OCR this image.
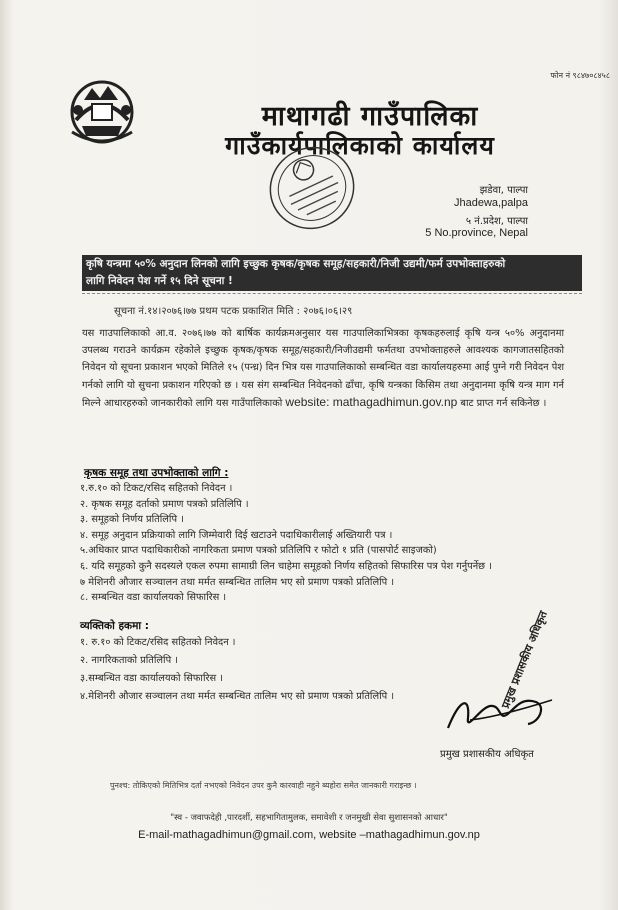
फोन नं ९८४७०८४५८
माथागढी गाउँपालिका
गाउँकार्यपालिकाको कार्यालय
झडेवा, पाल्पा
Jhadewa,palpa
५ नं.प्रदेश, पाल्पा
5 No.province, Nepal
कृषि यन्त्रमा ५०% अनुदान लिनको लागि इच्छुक कृषक/कृषक समूह/सहकारी/निजी उद्यमी/फर्म उपभोक्ताहरुको
लागि निवेदन पेश गर्ने १५ दिने सूचना !
सूचना नं.१४।२०७६।७७ प्रथम पटक प्रकाशित मिति : २०७६।०६।२९
यस गाउपालिकाको आ.व. २०७६।७७ को बार्षिक कार्यक्रमअनुसार यस गाउपालिकाभित्रका कृषकहरुलाई कृषि यन्त्र ५०% अनुदानमा उपलब्ध गराउने कार्यक्रम रहेकोले इच्छुक कृषक/कृषक समूह/सहकारी/निजीउद्यमी फर्मतथा उपभोक्ताहरुले आवश्यक कागजातसहितको निवेदन यो सूचना प्रकाशन भएको मितिले १५ (पन्ध्र) दिन भित्र यस गाउपालिकाको सम्बन्धित वडा कार्यालयहरुमा आई पुग्ने गरी निवेदन पेश गर्नको लागि यो सुचना प्रकाशन गरिएको छ । यस संग सम्बन्धित निवेदनको ढाँचा, कृषि यन्त्रका किसिम तथा अनुदानमा कृषि यन्त्र माग गर्न मिल्ने आधारहरुको जानकारीको लागि यस गाउँपालिकाको website: mathagadhimun.gov.np बाट प्राप्त गर्न सकिनेछ ।
कृषक समूह तथा उपभोक्ताको लागि :
१.रु.१० को टिकट/रसिद सहितको निवेदन ।
२. कृषक समूह दर्ताको प्रमाण पत्रको प्रतिलिपि ।
३. समूहको निर्णय प्रतिलिपि ।
४. समूह अनुदान प्रक्रियाको लागि जिम्मेवारी दिई खटाउने पदाधिकारीलाई अख्तियारी पत्र ।
५.अधिकार प्राप्त पदाधिकारीको नागरिकता प्रमाण पत्रको प्रतिलिपि र फोटो १ प्रति (पासपोर्ट साइजको)
६. यदि समूहको कुनै सदस्यले एकल रुपमा सामाग्री लिन चाहेमा समूहको निर्णय सहितको सिफारिस पत्र पेश गर्नुपर्नेछ ।
७ मेशिनरी औजार सञ्चालन तथा मर्मत सम्बन्धित तालिम भए सो प्रमाण पत्रको प्रतिलिपि ।
८. सम्बन्धित वडा कार्यालयको सिफारिस ।
व्यक्तिको हकमा :
१. रु.१० को टिकट/रसिद सहितको निवेदन ।
२. नागरिकताको प्रतिलिपि ।
३.सम्बन्धित वडा कार्यालयको सिफारिस ।
४.मेशिनरी औजार सञ्चालन तथा मर्मत सम्बन्धित तालिम भए सो प्रमाण पत्रको प्रतिलिपि ।	प्रमुख प्रशासकीय अधिकृत
प्रमुख प्रशासकीय अधिकृत
पुनश्च: तोकिएको मितिभित्र दर्ता नभएको निवेदन उपर कुनै कारवाही नहुने ब्यहोरा समेत जानकारी गराइन्छ ।
"स्व - जवाफदेही ,पारदर्शी, सहभागितामुलक, समावेशी र जनमुखी सेवा सुशासनको आधार"
E-mail-mathagadhimun@gmail.com, website –mathagadhimun.gov.np
